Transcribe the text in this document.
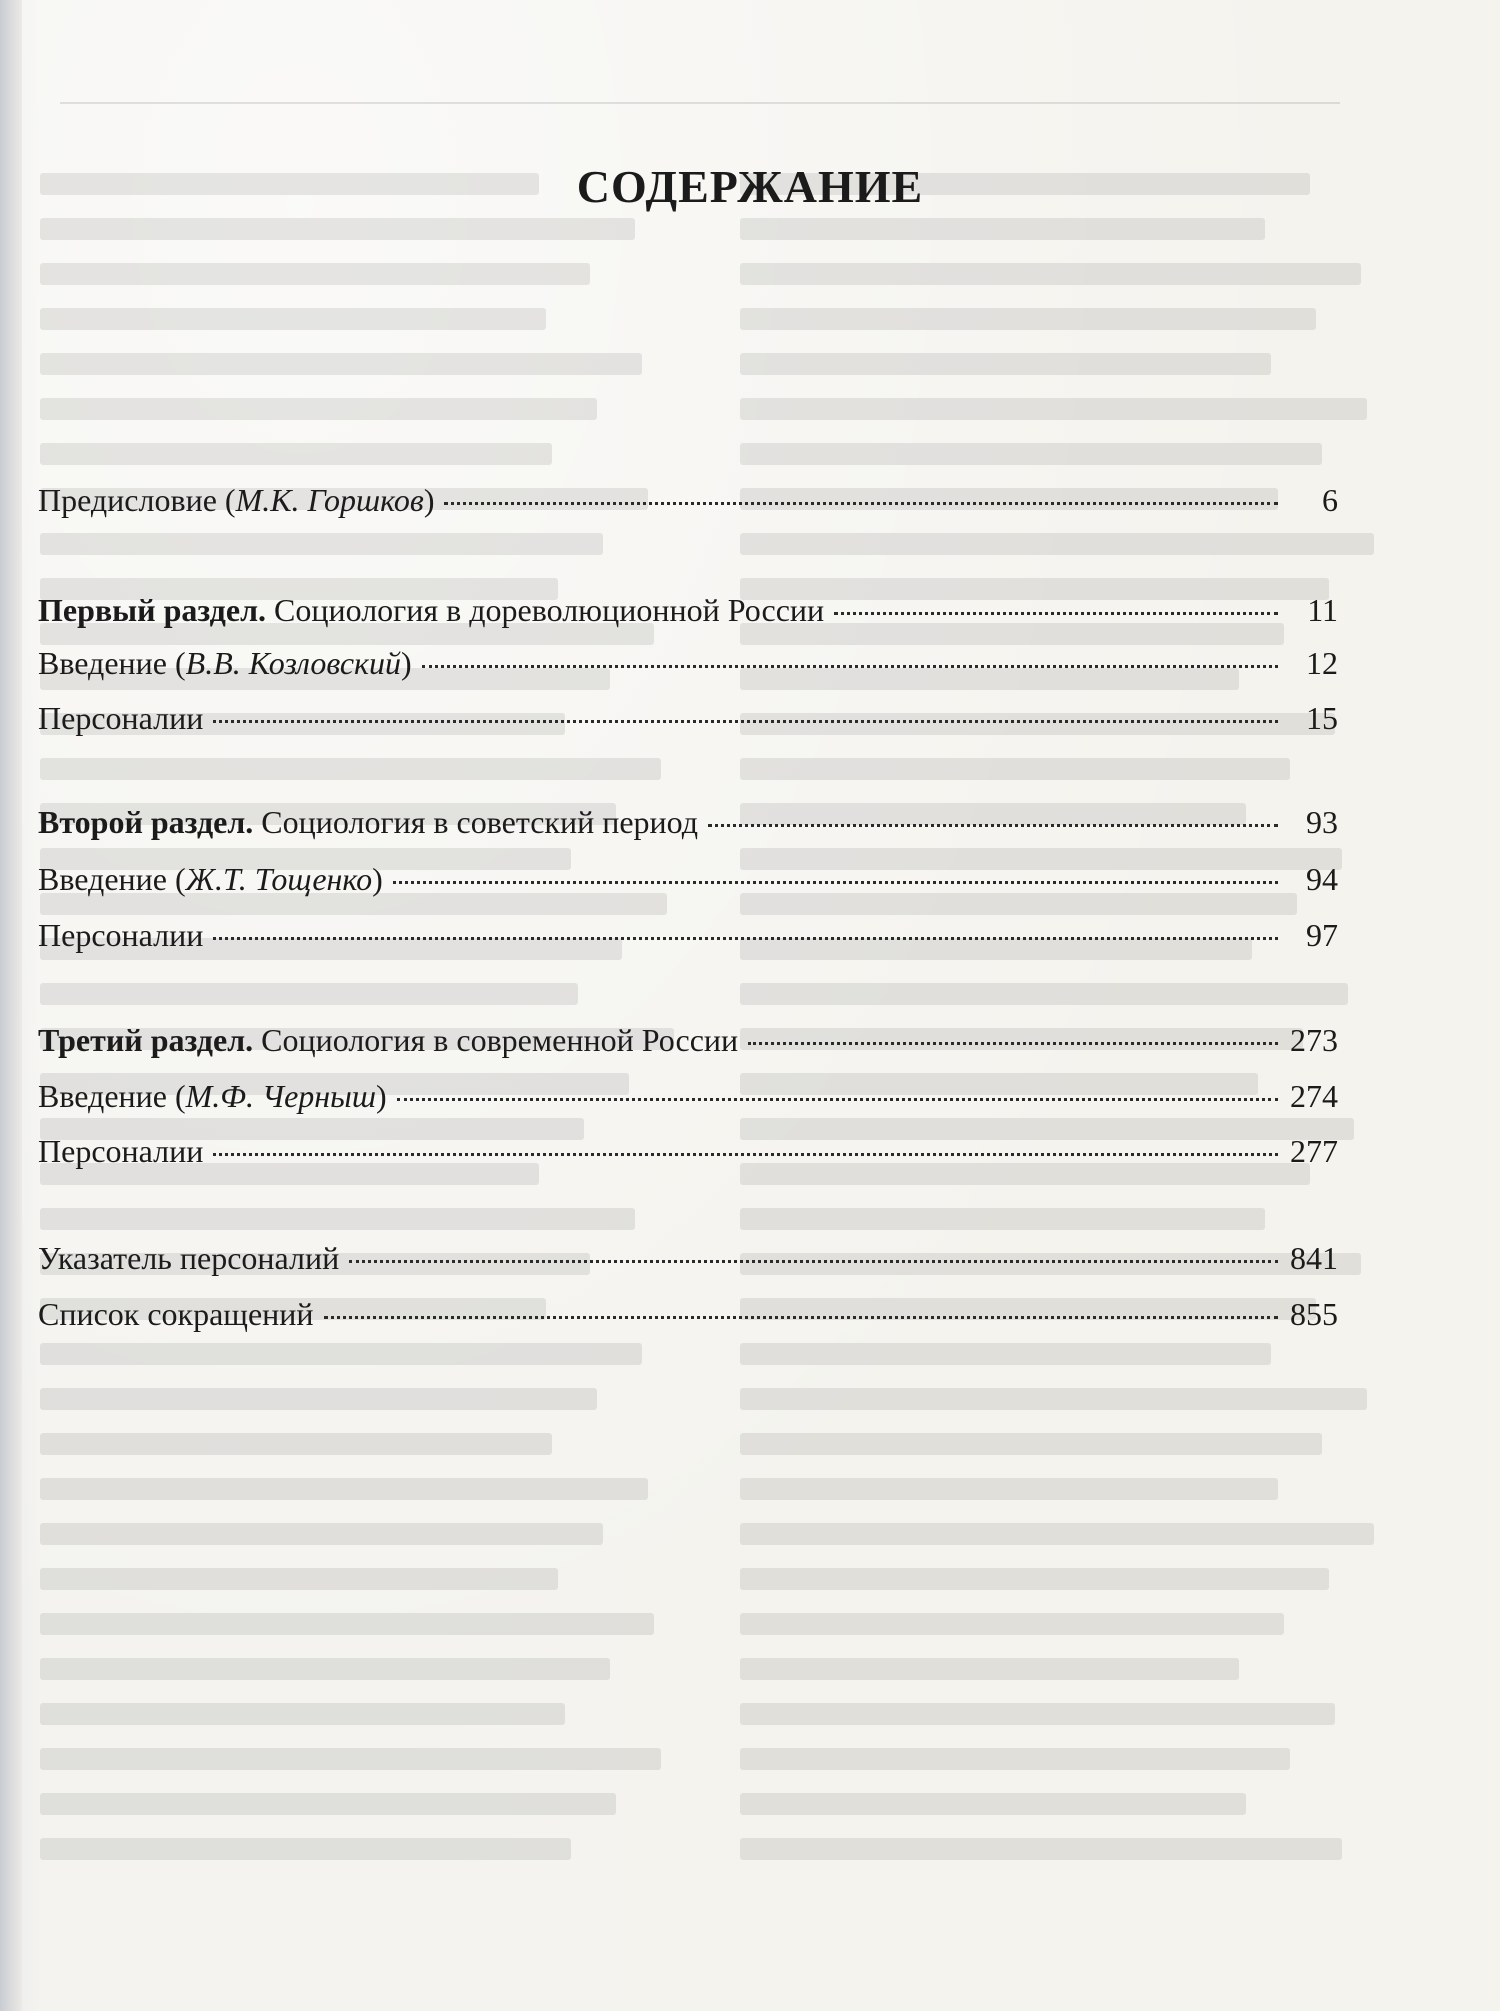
СОДЕРЖАНИЕ
Предисловие (М.К. Горшков)	6
Первый раздел. Социология в дореволюционной России	11
Введение (В.В. Козловский)	12
Персоналии	15
Второй раздел. Социология в советский период	93
Введение (Ж.Т. Тощенко)	94
Персоналии	97
Третий раздел. Социология в современной России	273
Введение (М.Ф. Черныш)	274
Персоналии	277
Указатель персоналий	841
Список сокращений	855
